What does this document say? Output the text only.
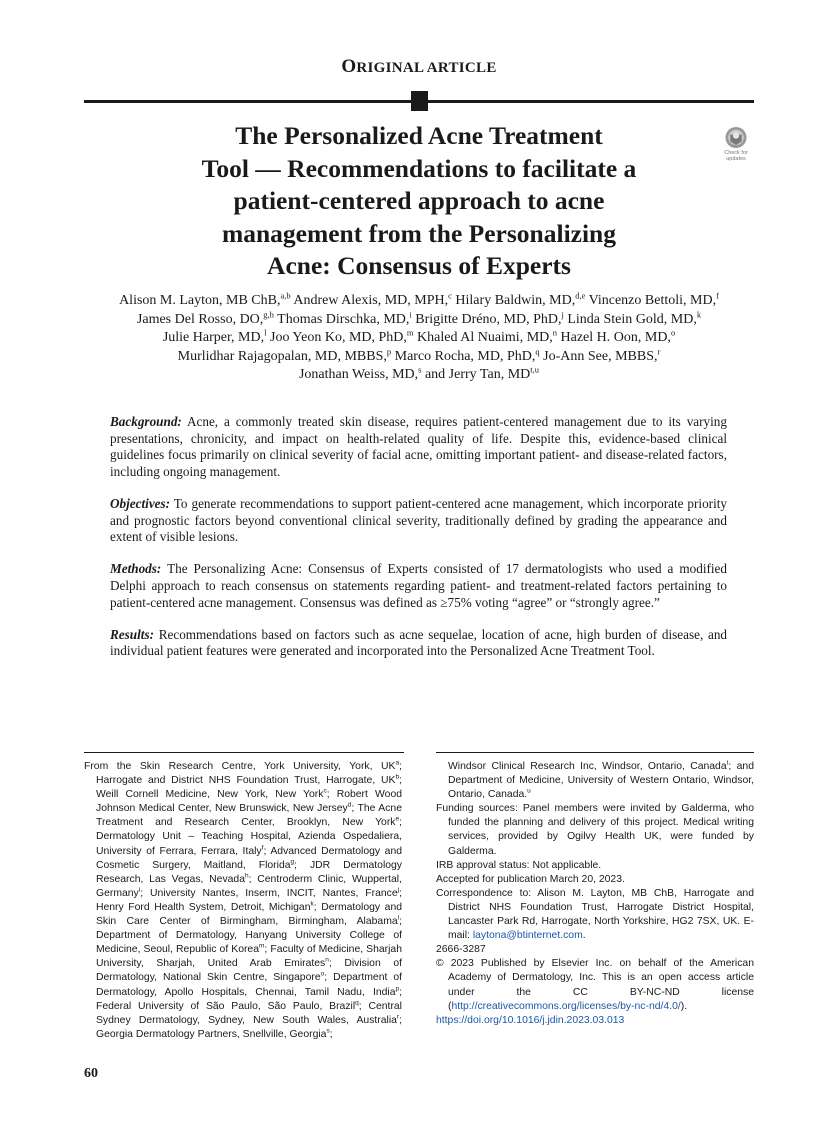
ORIGINAL ARTICLE
The Personalized Acne Treatment
Tool — Recommendations to facilitate a
patient-centered approach to acne
management from the Personalizing
Acne: Consensus of Experts
Check for
updates
Alison M. Layton, MB ChB,$^{a,b}$ Andrew Alexis, MD, MPH,$^c$ Hilary Baldwin, MD,$^{d,e}$ Vincenzo Bettoli, MD,$^f$
James Del Rosso, DO,$^{g,h}$ Thomas Dirschka, MD,$^i$ Brigitte Dréno, MD, PhD,$^j$ Linda Stein Gold, MD,$^k$
Julie Harper, MD,$^l$ Joo Yeon Ko, MD, PhD,$^m$ Khaled Al Nuaimi, MD,$^n$ Hazel H. Oon, MD,$^o$
Murlidhar Rajagopalan, MD, MBBS,$^p$ Marco Rocha, MD, PhD,$^q$ Jo-Ann See, MBBS,$^r$
Jonathan Weiss, MD,$^s$ and Jerry Tan, MD$^{t,u}$

Background: Acne, a commonly treated skin disease, requires patient-centered management due to its varying presentations, chronicity, and impact on health-related quality of life. Despite this, evidence-based clinical guidelines focus primarily on clinical severity of facial acne, omitting important patient- and disease-related factors, including ongoing management.

Objectives: To generate recommendations to support patient-centered acne management, which incorporate priority and prognostic factors beyond conventional clinical severity, traditionally defined by grading the appearance and extent of visible lesions.

Methods: The Personalizing Acne: Consensus of Experts consisted of 17 dermatologists who used a modified Delphi approach to reach consensus on statements regarding patient- and treatment-related factors pertaining to patient-centered acne management. Consensus was defined as ≥75% voting “agree” or “strongly agree.”

Results: Recommendations based on factors such as acne sequelae, location of acne, high burden of disease, and individual patient features were generated and incorporated into the Personalized Acne Treatment Tool.

From the Skin Research Centre, York University, York, $UK^a$; Harrogate and District NHS Foundation Trust, Harrogate, $UK^b$; Weill Cornell Medicine, New York, New York$^c$; Robert Wood Johnson Medical Center, New Brunswick, New Jersey$^d$; The Acne Treatment and Research Center, Brooklyn, New York$^e$; Dermatology Unit – Teaching Hospital, Azienda Ospedaliera, University of Ferrara, Ferrara, Italy$^f$; Advanced Dermatology and Cosmetic Surgery, Maitland, Florida$^g$; JDR Dermatology Research, Las Vegas, Nevada$^h$; Centroderm Clinic, Wuppertal, Germany$^i$; University Nantes, Inserm, INCIT, Nantes, France$^j$; Henry Ford Health System, Detroit, Michigan$^k$; Dermatology and Skin Care Center of Birmingham, Birmingham, Alabama$^l$; Department of Dermatology, Hanyang University College of Medicine, Seoul, Republic of Korea$^m$; Faculty of Medicine, Sharjah University, Sharjah, United Arab Emirates$^n$; Division of Dermatology, National Skin Centre, Singapore$^o$; Department of Dermatology, Apollo Hospitals, Chennai, Tamil Nadu, India$^p$; Federal University of São Paulo, São Paulo, Brazil$^q$; Central Sydney Dermatology, Sydney, New South Wales, Australia$^r$; Georgia Dermatology Partners, Snellville, Georgia$^s$;

Windsor Clinical Research Inc, Windsor, Ontario, Canada$^t$; and Department of Medicine, University of Western Ontario, Windsor, Ontario, Canada.$^u$

Funding sources: Panel members were invited by Galderma, who funded the planning and delivery of this project. Medical writing services, provided by Ogilvy Health UK, were funded by Galderma.

IRB approval status: Not applicable.

Accepted for publication March 20, 2023.

Correspondence to: Alison M. Layton, MB ChB, Harrogate and District NHS Foundation Trust, Harrogate District Hospital, Lancaster Park Rd, Harrogate, North Yorkshire, HG2 7SX, UK. E-mail: laytona@btinternet.com.

2666-3287

© 2023 Published by Elsevier Inc. on behalf of the American Academy of Dermatology, Inc. This is an open access article under the CC BY-NC-ND license (http://creativecommons.org/licenses/by-nc-nd/4.0/).

https://doi.org/10.1016/j.jdin.2023.03.013

60
